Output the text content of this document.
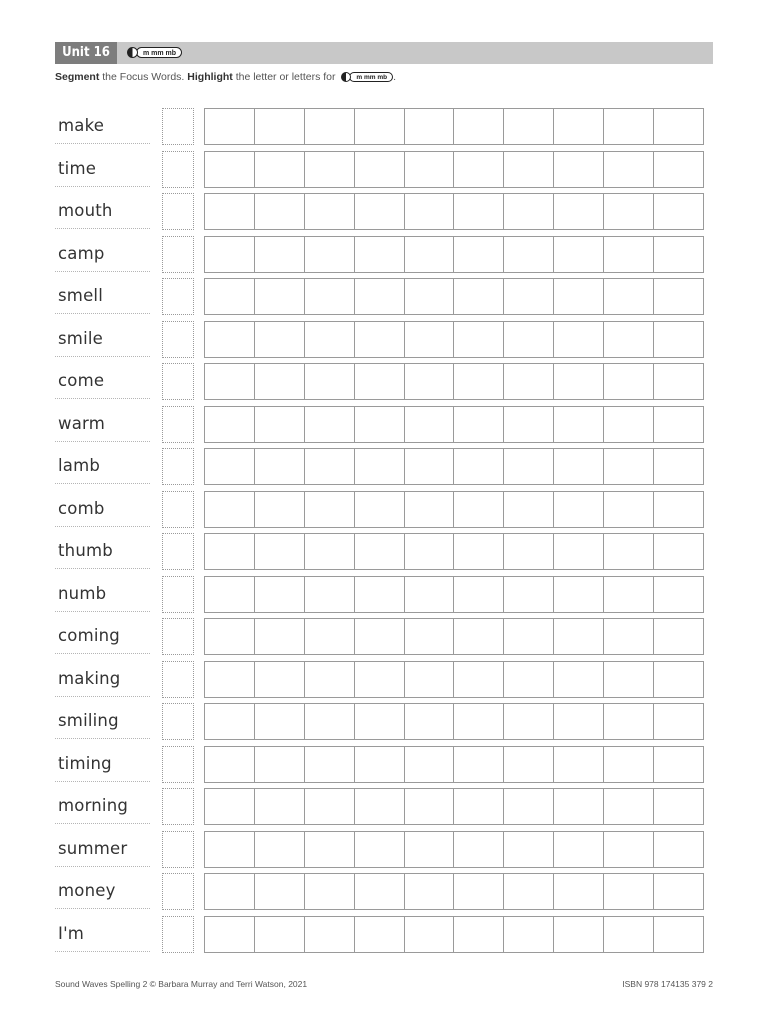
Unit 16	m mm mb
Segment the Focus Words. Highlight the letter or letters for	m mm mb .
make
time
mouth
camp
smell
smile
come
warm
lamb
comb
thumb
numb
coming
making
smiling
timing
morning
summer
money
I'm
Sound Waves Spelling 2 © Barbara Murray and Terri Watson, 2021	ISBN 978 174135 379 2
